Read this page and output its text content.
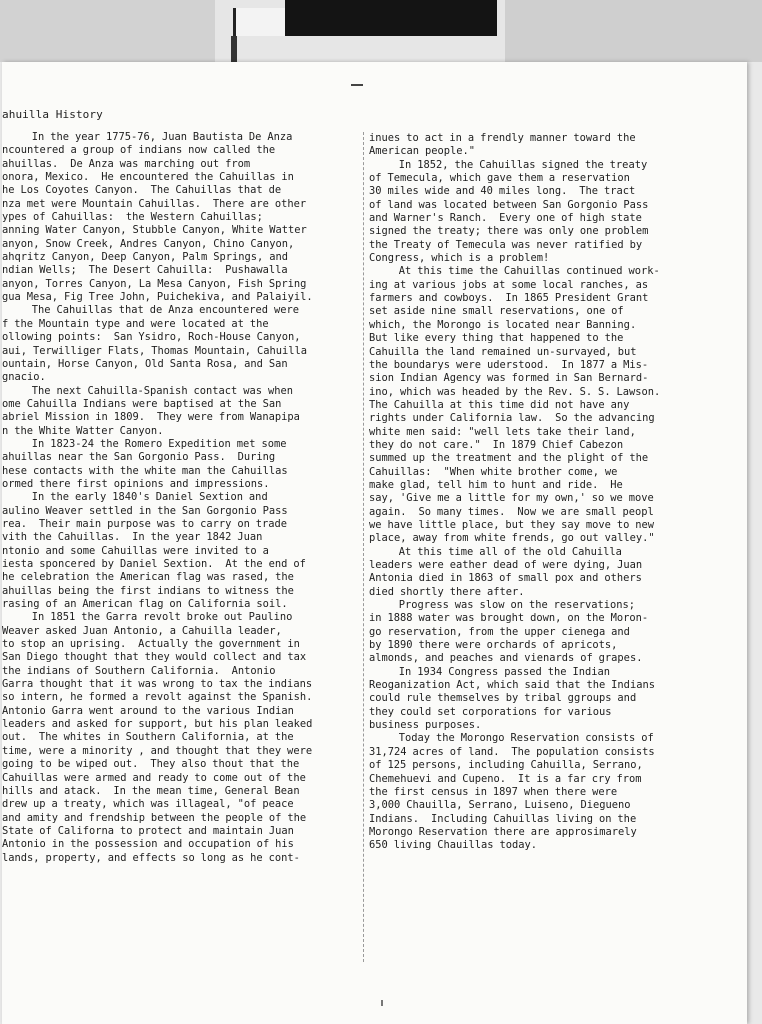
ahuilla History
In the year 1775-76, Juan Bautista De Anza
ncountered a group of indians now called the
ahuillas.  De Anza was marching out from
onora, Mexico.  He encountered the Cahuillas in
he Los Coyotes Canyon.  The Cahuillas that de
nza met were Mountain Cahuillas.  There are other
ypes of Cahuillas:  the Western Cahuillas;
anning Water Canyon, Stubble Canyon, White Watter
anyon, Snow Creek, Andres Canyon, Chino Canyon,
ahqritz Canyon, Deep Canyon, Palm Springs, and
ndian Wells;  The Desert Cahuilla:  Pushawalla
anyon, Torres Canyon, La Mesa Canyon, Fish Spring
gua Mesa, Fig Tree John, Puichekiva, and Palaiyil.
The Cahuillas that de Anza encountered were
f the Mountain type and were located at the
ollowing points:  San Ysidro, Roch-House Canyon,
aui, Terwilliger Flats, Thomas Mountain, Cahuilla
ountain, Horse Canyon, Old Santa Rosa, and San
gnacio.
The next Cahuilla-Spanish contact was when
ome Cahuilla Indians were baptised at the San
abriel Mission in 1809.  They were from Wanapipa
n the White Watter Canyon.
In 1823-24 the Romero Expedition met some
ahuillas near the San Gorgonio Pass.  During
hese contacts with the white man the Cahuillas
ormed there first opinions and impressions.
In the early 1840's Daniel Sextion and
aulino Weaver settled in the San Gorgonio Pass
rea.  Their main purpose was to carry on trade
vith the Cahuillas.  In the year 1842 Juan
ntonio and some Cahuillas were invited to a
iesta sponcered by Daniel Sextion.  At the end of
he celebration the American flag was rased, the
ahuillas being the first indians to witness the
rasing of an American flag on California soil.
In 1851 the Garra revolt broke out Paulino
Weaver asked Juan Antonio, a Cahuilla leader,
to stop an uprising.  Actually the government in
San Diego thought that they would collect and tax
the indians of Southern California.  Antonio
Garra thought that it was wrong to tax the indians
so intern, he formed a revolt against the Spanish.
Antonio Garra went around to the various Indian
leaders and asked for support, but his plan leaked
out.  The whites in Southern California, at the
time, were a minority , and thought that they were
going to be wiped out.  They also thout that the
Cahuillas were armed and ready to come out of the
hills and atack.  In the mean time, General Bean
drew up a treaty, which was illageal, "of peace
and amity and frendship between the people of the
State of Californa to protect and maintain Juan
Antonio in the possession and occupation of his
lands, property, and effects so long as he cont-
inues to act in a frendly manner toward the
American people."
In 1852, the Cahuillas signed the treaty
of Temecula, which gave them a reservation
30 miles wide and 40 miles long.  The tract
of land was located between San Gorgonio Pass
and Warner's Ranch.  Every one of high state
signed the treaty; there was only one problem
the Treaty of Temecula was never ratified by
Congress, which is a problem!
At this time the Cahuillas continued work-
ing at various jobs at some local ranches, as
farmers and cowboys.  In 1865 President Grant
set aside nine small reservations, one of
which, the Morongo is located near Banning.
But like every thing that happened to the
Cahuilla the land remained un-survayed, but
the boundarys were uderstood.  In 1877 a Mis-
sion Indian Agency was formed in San Bernard-
ino, which was headed by the Rev. S. S. Lawson.
The Cahuilla at this time did not have any
rights under California law.  So the advancing
white men said: "well lets take their land,
they do not care."  In 1879 Chief Cabezon
summed up the treatment and the plight of the
Cahuillas:  "When white brother come, we
make glad, tell him to hunt and ride.  He
say, 'Give me a little for my own,' so we move
again.  So many times.  Now we are small peopl
we have little place, but they say move to new
place, away from white frends, go out valley."
At this time all of the old Cahuilla
leaders were eather dead of were dying, Juan
Antonia died in 1863 of small pox and others
died shortly there after.
Progress was slow on the reservations;
in 1888 water was brought down, on the Moron-
go reservation, from the upper cienega and
by 1890 there were orchards of apricots,
almonds, and peaches and vienards of grapes.
In 1934 Congress passed the Indian
Reoganization Act, which said that the Indians
could rule themselves by tribal ggroups and
they could set corporations for various
business purposes.
Today the Morongo Reservation consists of
31,724 acres of land.  The population consists
of 125 persons, including Cahuilla, Serrano,
Chemehuevi and Cupeno.  It is a far cry from
the first census in 1897 when there were
3,000 Chauilla, Serrano, Luiseno, Diegueno
Indians.  Including Cahuillas living on the
Morongo Reservation there are approsimarely
650 living Chauillas today.
